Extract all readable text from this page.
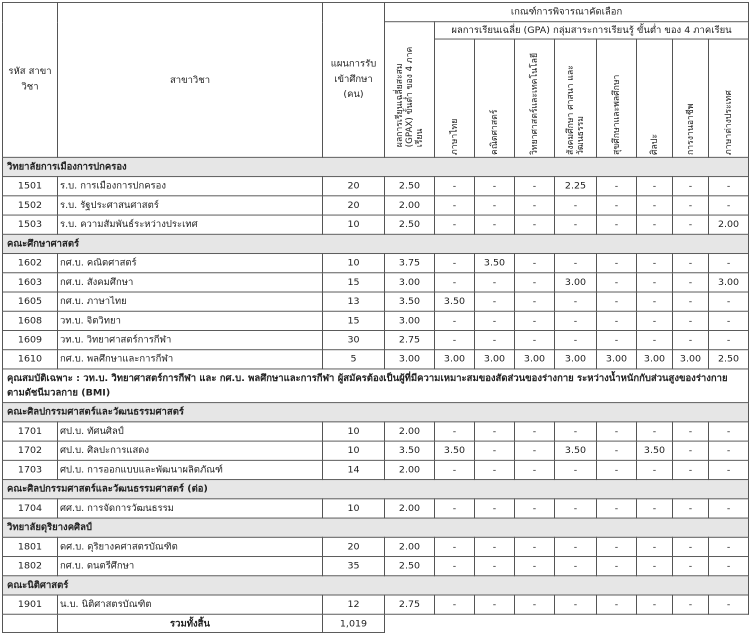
รหัส สาขาวิชา	สาขาวิชา	แผนการรับ เข้าศึกษา (คน)	เกณฑ์การพิจารณาคัดเลือก								

			ผลการเรียนเฉลี่ยสะสม (GPAX) ขั้นต่ำ ของ 4 ภาคเรียน	ผลการเรียนเฉลี่ย (GPA) กลุ่มสาระการเรียนรู้ ขั้นต่ำ ของ 4 ภาคเรียน							

				ภาษาไทย	คณิตศาสตร์	วิทยาศาสตร์และเทคโนโลยี	สังคมศึกษา ศาสนา และวัฒนธรรม	สุขศึกษาและพลศึกษา	ศิลปะ	การงานอาชีพ	ภาษาต่างประเทศ

วิทยาลัยการเมืองการปกครอง											
1501	ร.บ. การเมืองการปกครอง	20	2.50	-	-	-	2.25	-	-	-	-
1502	ร.บ. รัฐประศาสนศาสตร์	20	2.00	-	-	-	-	-	-	-	-
1503	ร.บ. ความสัมพันธ์ระหว่างประเทศ	10	2.50	-	-	-	-	-	-	-	2.00
คณะศึกษาศาสตร์											
1602	กศ.บ. คณิตศาสตร์	10	3.75	-	3.50	-	-	-	-	-	-
1603	กศ.บ. สังคมศึกษา	15	3.00	-	-	-	3.00	-	-	-	3.00
1605	กศ.บ. ภาษาไทย	13	3.50	3.50	-	-	-	-	-	-	-
1608	วท.บ. จิตวิทยา	15	3.00	-	-	-	-	-	-	-	-
1609	วท.บ. วิทยาศาสตร์การกีฬา	30	2.75	-	-	-	-	-	-	-	-
1610	กศ.บ. พลศึกษาและการกีฬา	5	3.00	3.00	3.00	3.00	3.00	3.00	3.00	3.00	2.50
คุณสมบัติเฉพาะ : วท.บ. วิทยาศาสตร์การกีฬา และ กศ.บ. พลศึกษาและการกีฬา ผู้สมัครต้องเป็นผู้ที่มีความเหมาะสมของสัดส่วนของร่างกาย ระหว่างน้ำหนักกับส่วนสูงของร่างกาย ตามดัชนีมวลกาย (BMI)											
คณะศิลปกรรมศาสตร์และวัฒนธรรมศาสตร์											
1701	ศป.บ. ทัศนศิลป์	10	2.00	-	-	-	-	-	-	-	-
1702	ศป.บ. ศิลปะการแสดง	10	3.50	3.50	-	-	3.50	-	3.50	-	-
1703	ศป.บ. การออกแบบและพัฒนาผลิตภัณฑ์	14	2.00	-	-	-	-	-	-	-	-
คณะศิลปกรรมศาสตร์และวัฒนธรรมศาสตร์ (ต่อ)											
1704	ศศ.บ. การจัดการวัฒนธรรม	10	2.00	-	-	-	-	-	-	-	-
วิทยาลัยดุริยางคศิลป์											
1801	ดศ.บ. ดุริยางคศาสตรบัณฑิต	20	2.00	-	-	-	-	-	-	-	-
1802	กศ.บ. ดนตรีศึกษา	35	2.50	-	-	-	-	-	-	-	-
คณะนิติศาสตร์											
1901	น.บ. นิติศาสตรบัณฑิต	12	2.75	-	-	-	-	-	-	-	-
	รวมทั้งสิ้น	1,019									
